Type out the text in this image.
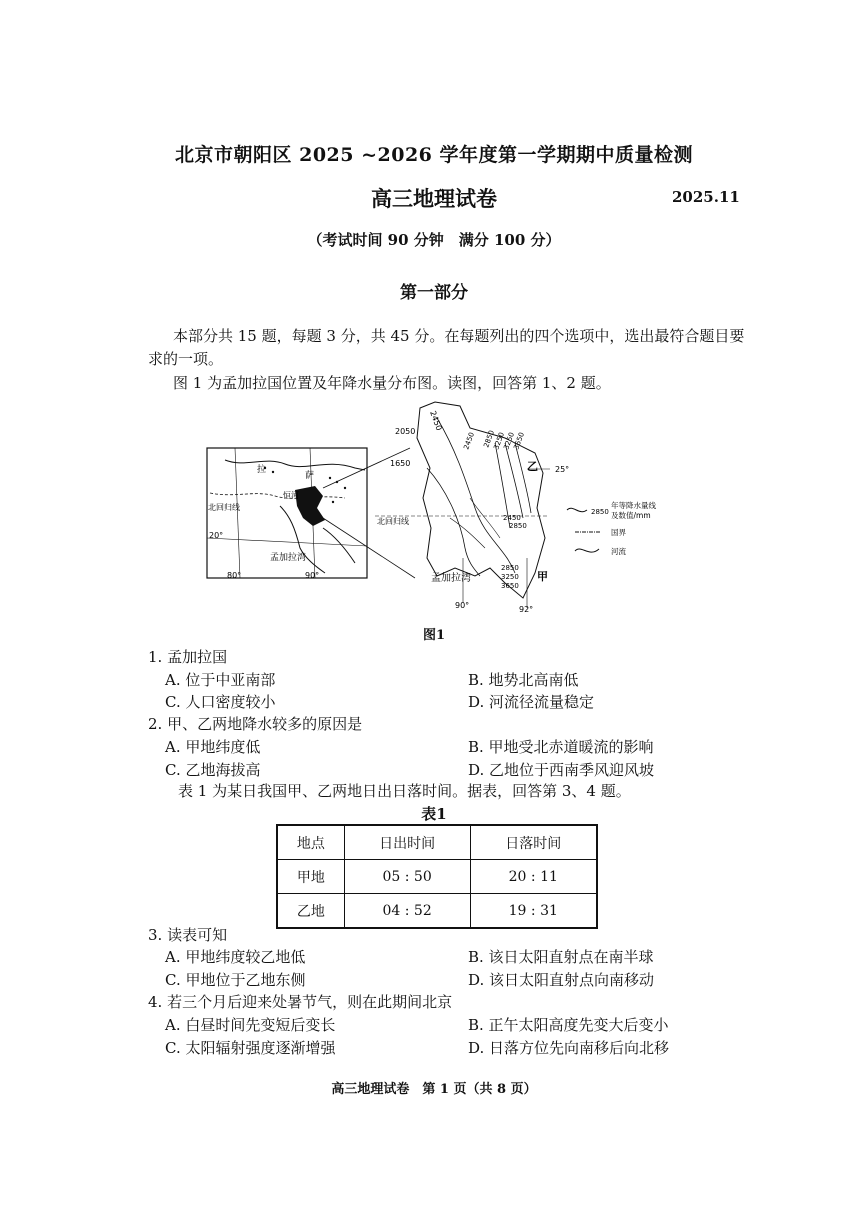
北京市朝阳区 2025 ~2026 学年度第一学期期中质量检测
高三地理试卷	2025.11
（考试时间 90 分钟　满分 100 分）
第一部分
本部分共 15 题，每题 3 分，共 45 分。在每题列出的四个选项中，选出最符合题目要
求的一项。
图 1 为孟加拉国位置及年降水量分布图。读图，回答第 1、2 题。
拉
萨
恒河
孟加拉湾
北回归线
20°
80°	90°
2450
2050
1650
2450 3250
2850 3250
3650
2450
2850
2850
3250
3650
乙 25°
北回归线
孟加拉湾	甲
90°	92°
2850
年等降水量线
及数值/mm
国界
河流
图1
1. 孟加拉国
A. 位于中亚南部	B. 地势北高南低
C. 人口密度较小	D. 河流径流量稳定
2. 甲、乙两地降水较多的原因是
A. 甲地纬度低	B. 甲地受北赤道暖流的影响
C. 乙地海拔高	D. 乙地位于西南季风迎风坡
表 1 为某日我国甲、乙两地日出日落时间。据表，回答第 3、4 题。
表1
地点	日出时间	日落时间
甲地	05 : 50	20 : 11
乙地	04 : 52	19 : 31
3. 读表可知
A. 甲地纬度较乙地低	B. 该日太阳直射点在南半球
C. 甲地位于乙地东侧	D. 该日太阳直射点向南移动
4. 若三个月后迎来处暑节气，则在此期间北京
A. 白昼时间先变短后变长	B. 正午太阳高度先变大后变小
C. 太阳辐射强度逐渐增强	D. 日落方位先向南移后向北移
高三地理试卷　第 1 页（共 8 页）
